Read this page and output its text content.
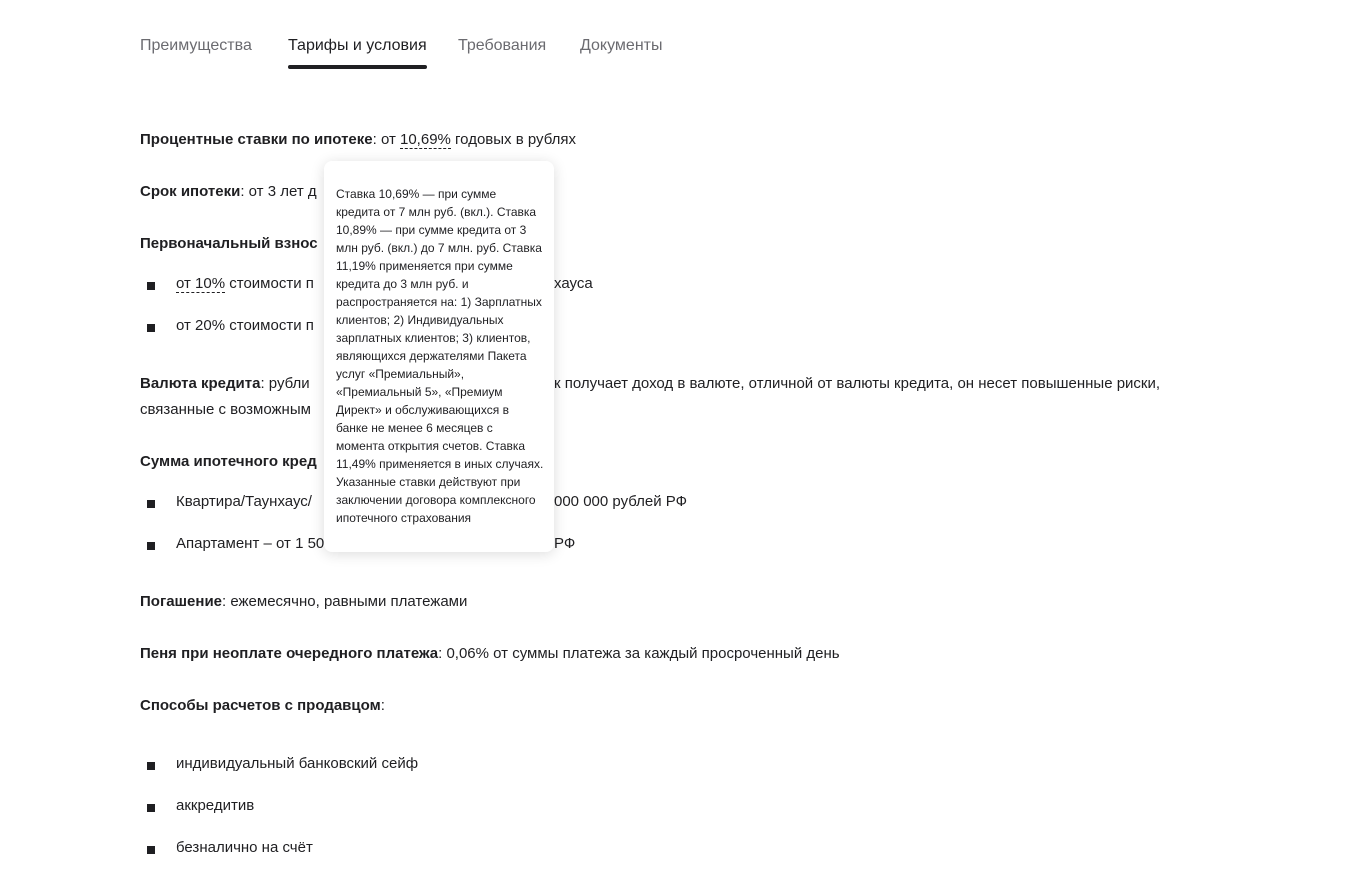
Преимущества Тарифы и условия Требования Документы
Процентные ставки по ипотеке: от 10,69% годовых в рублях
Срок ипотеки: от 3 лет д
Первоначальный взнос
от 10% стоимости п	хауса
от 20% стоимости п
Валюта кредита: рубли	к получает доход в валюте, отличной от валюты кредита, он несет повышенные риски,
связанные с возможным
Сумма ипотечного кред
Квартира/Таунхаус/	000 000 рублей РФ
Апартамент – от 1 50	РФ
Погашение: ежемесячно, равными платежами
Пеня при неоплате очередного платежа: 0,06% от суммы платежа за каждый просроченный день
Способы расчетов с продавцом:
индивидуальный банковский сейф
аккредитив
безналично на счёт

Ставка 10,69% — при сумме

кредита от 7 млн руб. (вкл.). Ставка

10,89% — при сумме кредита от 3

млн руб. (вкл.) до 7 млн. руб. Ставка

11,19% применяется при сумме

кредита до 3 млн руб. и

распространяется на: 1) Зарплатных

клиентов; 2) Индивидуальных

зарплатных клиентов; 3) клиентов,

являющихся держателями Пакета

услуг «Премиальный»,

«Премиальный 5», «Премиум

Директ» и обслуживающихся в

банке не менее 6 месяцев с

момента открытия счетов. Ставка

11,49% применяется в иных случаях.

Указанные ставки действуют при

заключении договора комплексного

ипотечного страхования
